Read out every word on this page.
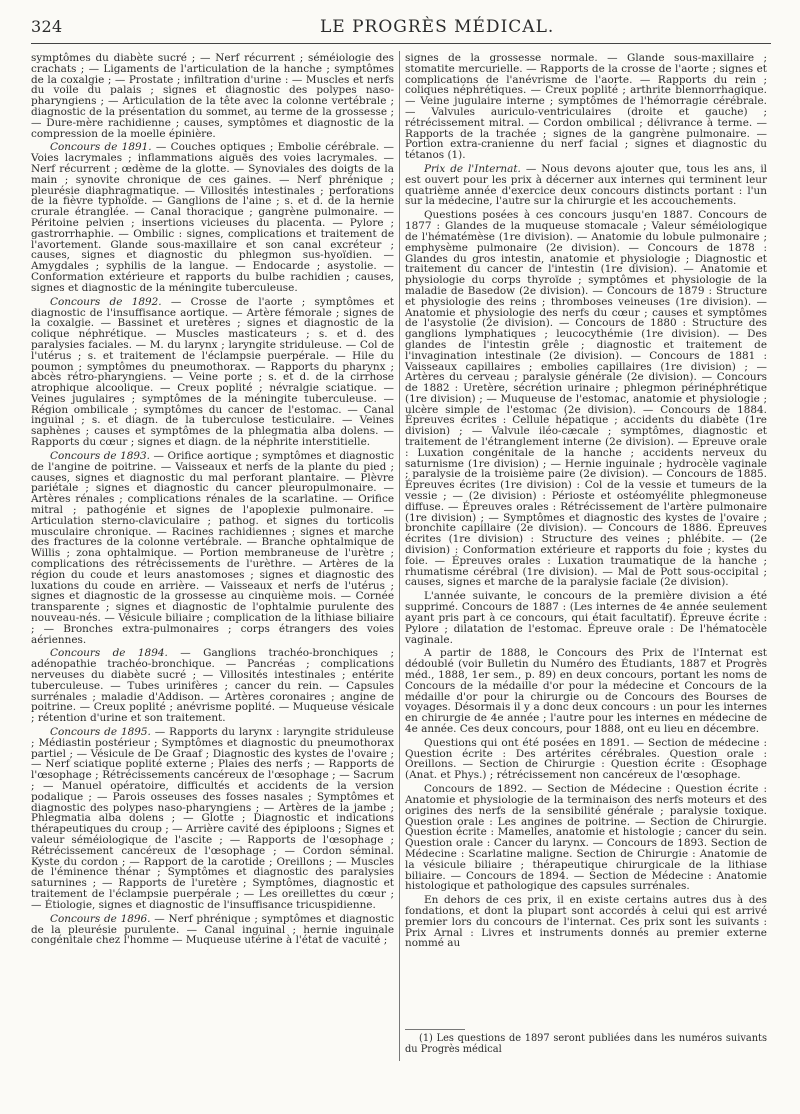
324	LE PROGRÈS MÉDICAL.

symptômes du diabète sucré ; — Nerf récurrent ; séméiologie des crachats ; — Ligaments de l'articulation de la hanche ; symptômes de la coxalgie ; — Prostate ; infiltration d'urine : — Muscles et nerfs du voile du palais ; signes et diagnostic des polypes naso-pharyngiens ; — Articulation de la tête avec la colonne vertébrale ; diagnostic de la présentation du sommet, au terme de la grossesse ; — Dure-mère rachidienne ; causes, symptômes et diagnostic de la compression de la moelle épinière.

Concours de 1891. — Couches optiques ; Embolie cérébrale. — Voies lacrymales ; inflammations aiguës des voies lacrymales. — Nerf récurrent ; œdème de la glotte. — Synoviales des doigts de la main ; synovite chronique de ces gaines. — Nerf phrénique ; pleurésie diaphragmatique. — Villosités intestinales ; perforations de la fièvre typhoïde. — Ganglions de l'aine ; s. et d. de la hernie crurale étranglée. — Canal thoracique ; gangrène pulmonaire. — Péritoine pelvien ; insertions vicieuses du placenta. — Pylore ; gastrorrhaphie. — Ombilic : signes, complications et traitement de l'avortement. Glande sous-maxillaire et son canal excréteur ; causes, signes et diagnostic du phlegmon sus-hyoïdien. — Amygdales ; syphilis de la langue. — Endocarde ; asystolie. — Conformation extérieure et rapports du bulbe rachidien ; causes, signes et diagnostic de la méningite tuberculeuse.

Concours de 1892. — Crosse de l'aorte ; symptômes et diagnostic de l'insuffisance aortique. — Artère fémorale ; signes de la coxalgie. — Bassinet et uretères ; signes et diagnostic de la colique néphrétique. — Muscles masticateurs ; s. et d. des paralysies faciales. — M. du larynx ; laryngite striduleuse. — Col de l'utérus ; s. et traitement de l'éclampsie puerpérale. — Hile du poumon ; symptômes du pneumothorax. — Rapports du pharynx ; abcès rétro-pharyngiens. — Veine porte ; s. et d. de la cirrhose atrophique alcoolique. — Creux poplité ; névralgie sciatique. — Veines jugulaires ; symptômes de la méningite tuberculeuse. — Région ombilicale ; symptômes du cancer de l'estomac. — Canal inguinal ; s. et diagn. de la tuberculose testiculaire. — Veines saphènes ; causes et symptômes de la phlegmatia alba dolens. — Rapports du cœur ; signes et diagn. de la néphrite interstitielle.

Concours de 1893. — Orifice aortique ; symptômes et diagnostic de l'angine de poitrine. — Vaisseaux et nerfs de la plante du pied ; causes, signes et diagnostic du mal perforant plantaire. — Plèvre pariétale ; signes et diagnostic du cancer pleuropulmonaire. — Artères rénales ; complications rénales de la scarlatine. — Orifice mitral ; pathogénie et signes de l'apoplexie pulmonaire. — Articulation sterno-claviculaire ; pathog. et signes du torticolis musculaire chronique. — Racines rachidiennes ; signes et marche des fractures de la colonne vertébrale. — Branche ophtalmique de Willis ; zona ophtalmique. — Portion membraneuse de l'urètre ; complications des rétrécissements de l'urèthre. — Artères de la région du coude et leurs anastomoses ; signes et diagnostic des luxations du coude en arrière. — Vaisseaux et nerfs de l'utérus ; signes et diagnostic de la grossesse au cinquième mois. — Cornée transparente ; signes et diagnostic de l'ophtalmie purulente des nouveau-nés. — Vésicule biliaire ; complication de la lithiase biliaire ; — Bronches extra-pulmonaires ; corps étrangers des voies aériennes.

Concours de 1894. — Ganglions trachéo-bronchiques ; adénopathie trachéo-bronchique. — Pancréas ; complications nerveuses du diabète sucré ; — Villosités intestinales ; entérite tuberculeuse. — Tubes urinifères ; cancer du rein. — Capsules surrénales ; maladie d'Addison. — Artères coronaires ; angine de poitrine. — Creux poplité ; anévrisme poplité. — Muqueuse vésicale ; rétention d'urine et son traitement.

Concours de 1895. — Rapports du larynx : laryngite striduleuse ; Médiastin postérieur ; Symptômes et diagnostic du pneumothorax partiel ; — Vésicule de De Graaf ; Diagnostic des kystes de l'ovaire ; — Nerf sciatique poplité externe ; Plaies des nerfs ; — Rapports de l'œsophage ; Rétrécissements cancéreux de l'œsophage ; — Sacrum ; — Manuel opératoire, difficultés et accidents de la version podalique ; — Parois osseuses des fosses nasales ; Symptômes et diagnostic des polypes naso-pharyngiens ; — Artères de la jambe ; Phlegmatia alba dolens ; — Glotte ; Diagnostic et indications thérapeutiques du croup ; — Arrière cavité des épiploons ; Signes et valeur séméiologique de l'ascite ; — Rapports de l'œsophage ; Rétrécissement cancéreux de l'œsophage ; — Cordon séminal. Kyste du cordon ; — Rapport de la carotide ; Oreillons ; — Muscles de l'éminence thénar ; Symptômes et diagnostic des paralysies saturnines ; — Rapports de l'uretère ; Symptômes, diagnostic et traitement de l'éclampsie puerpérale ; — Les oreillettes du cœur ; — Étiologie, signes et diagnostic de l'insuffisance tricuspidienne.

Concours de 1896. — Nerf phrénique ; symptômes et diagnostic de la pleurésie purulente. — Canal inguinal ; hernie inguinale congénitale chez l'homme — Muqueuse utérine à l'état de vacuité ;

signes de la grossesse normale. — Glande sous-maxillaire ; stomatite mercurielle. — Rapports de la crosse de l'aorte ; signes et complications de l'anévrisme de l'aorte. — Rapports du rein ; coliques néphrétiques. — Creux poplité ; arthrite blennorrhagique. — Veine jugulaire interne ; symptômes de l'hémorragie cérébrale. — Valvules auriculo-ventriculaires (droite et gauche) ; rétrécissement mitral. — Cordon ombilical ; délivrance à terme. — Rapports de la trachée ; signes de la gangrène pulmonaire. — Portion extra-cranienne du nerf facial ; signes et diagnostic du tétanos (1).

Prix de l'Internat. — Nous devons ajouter que, tous les ans, il est ouvert pour les prix à décerner aux internes qui terminent leur quatrième année d'exercice deux concours distincts portant : l'un sur la médecine, l'autre sur la chirurgie et les accouchements.

Questions posées à ces concours jusqu'en 1887. Concours de 1877 : Glandes de la muqueuse stomacale ; Valeur séméiologique de l'hématémèse (1re division). — Anatomie du lobule pulmonaire ; emphysème pulmonaire (2e division). — Concours de 1878 : Glandes du gros intestin, anatomie et physiologie ; Diagnostic et traitement du cancer de l'intestin (1re division). — Anatomie et physiologie du corps thyroïde ; symptômes et physiologie de la maladie de Basedow (2e division). — Concours de 1879 : Structure et physiologie des reins ; thromboses veineuses (1re division). — Anatomie et physiologie des nerfs du cœur ; causes et symptômes de l'asystolie (2e division). — Concours de 1880 : Structure des ganglions lymphatiques ; leucocythémie (1re division). — Des glandes de l'intestin grêle ; diagnostic et traitement de l'invagination intestinale (2e division). — Concours de 1881 : Vaisseaux capillaires ; embolies capillaires (1re division) ; — Artères du cerveau ; paralysie générale (2e division). — Concours de 1882 : Uretère, sécrétion urinaire ; phlegmon périnéphrétique (1re division) ; — Muqueuse de l'estomac, anatomie et physiologie ; ulcère simple de l'estomac (2e division). — Concours de 1884. Épreuves écrites : Cellule hépatique ; accidents du diabète (1re division) ; — Valvule iléo-cæcale ; symptômes, diagnostic et traitement de l'étranglement interne (2e division). — Epreuve orale : Luxation congénitale de la hanche ; accidents nerveux du saturnisme (1re division) ; — Hernie inguinale ; hydrocèle vaginale ; paralysie de la troisième paire (2e division). — Concours de 1885. Épreuves écrites (1re division) : Col de la vessie et tumeurs de la vessie ; — (2e division) : Périoste et ostéomyélite phlegmoneuse diffuse. — Épreuves orales : Rétrécissement de l'artère pulmonaire (1re division) ; — Symptômes et diagnostic des kystes de l'ovaire ; bronchite capillaire (2e division). — Concours de 1886. Épreuves écrites (1re division) : Structure des veines ; phlébite. — (2e division) : Conformation extérieure et rapports du foie ; kystes du foie. — Épreuves orales : Luxation traumatique de la hanche ; rhumatisme cérébral (1re division). — Mal de Pott sous-occipital ; causes, signes et marche de la paralysie faciale (2e division).

L'année suivante, le concours de la première division a été supprimé. Concours de 1887 : (Les internes de 4e année seulement ayant pris part à ce concours, qui était facultatif). Épreuve écrite : Pylore ; dilatation de l'estomac. Épreuve orale : De l'hématocèle vaginale.

A partir de 1888, le Concours des Prix de l'Internat est dédoublé (voir Bulletin du Numéro des Étudiants, 1887 et Progrès méd., 1888, 1er sem., p. 89) en deux concours, portant les noms de Concours de la médaille d'or pour la médecine et Concours de la médaille d'or pour la chirurgie ou de Concours des Bourses de voyages. Désormais il y a donc deux concours : un pour les internes en chirurgie de 4e année ; l'autre pour les internes en médecine de 4e année. Ces deux concours, pour 1888, ont eu lieu en décembre.

Questions qui ont été posées en 1891. — Section de médecine : Question écrite : Des artérites cérébrales. Question orale : Oreillons. — Section de Chirurgie : Question écrite : Œsophage (Anat. et Phys.) ; rétrécissement non cancéreux de l'œsophage.

Concours de 1892. — Section de Médecine : Question écrite : Anatomie et physiologie de la terminaison des nerfs moteurs et des origines des nerfs de la sensibilité générale ; paralysie toxique. Question orale : Les angines de poitrine. — Section de Chirurgie. Question écrite : Mamelles, anatomie et histologie ; cancer du sein. Question orale : Cancer du larynx. — Concours de 1893. Section de Médecine : Scarlatine maligne. Section de Chirurgie : Anatomie de la vésicule biliaire ; thérapeutique chirurgicale de la lithiase biliaire. — Concours de 1894. — Section de Médecine : Anatomie histologique et pathologique des capsules surrénales.

En dehors de ces prix, il en existe certains autres dus à des fondations, et dont la plupart sont accordés à celui qui est arrivé premier lors du concours de l'internat. Ces prix sont les suivants : Prix Arnal : Livres et instruments donnés au premier externe nommé au

(1) Les questions de 1897 seront publiées dans les numéros suivants du Progrès médical
